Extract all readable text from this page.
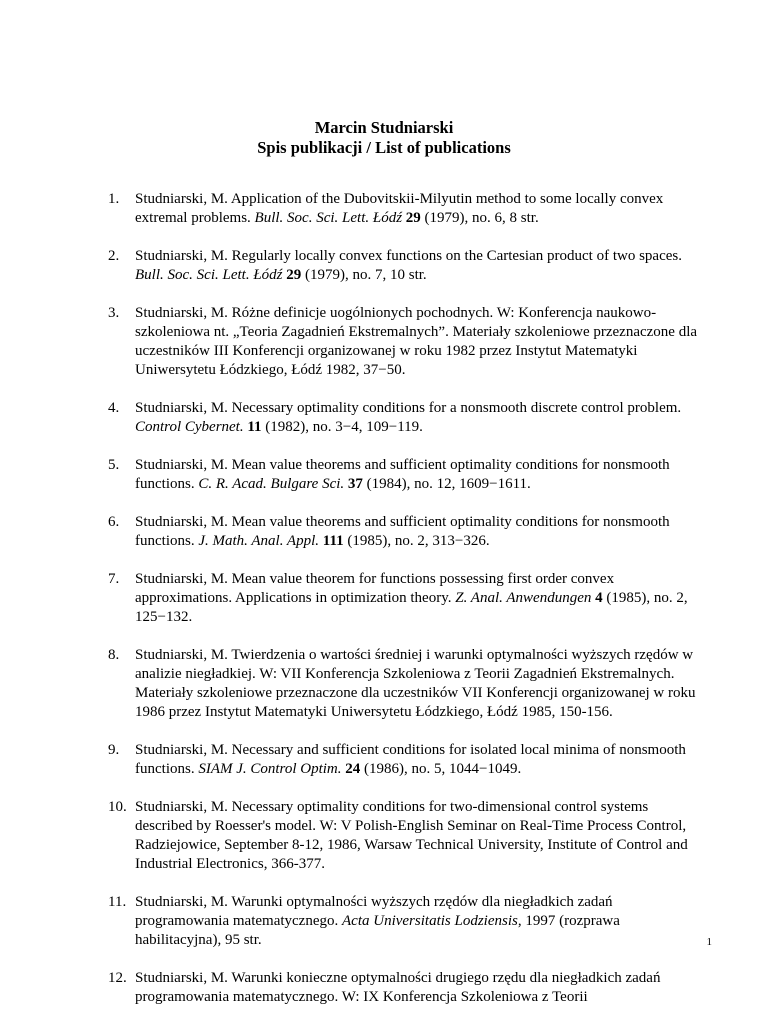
Marcin Studniarski
Spis publikacji / List of publications
1. Studniarski, M. Application of the Dubovitskii-Milyutin method to some locally convex extremal problems. Bull. Soc. Sci. Lett. Łódź 29 (1979), no. 6, 8 str.
2. Studniarski, M. Regularly locally convex functions on the Cartesian product of two spaces. Bull. Soc. Sci. Lett. Łódź 29 (1979), no. 7, 10 str.
3. Studniarski, M. Różne definicje uogólnionych pochodnych. W: Konferencja naukowo-szkoleniowa nt. „Teoria Zagadnień Ekstremalnych”. Materiały szkoleniowe przeznaczone dla uczestników III Konferencji organizowanej w roku 1982 przez Instytut Matematyki Uniwersytetu Łódzkiego, Łódź 1982, 37−50.
4. Studniarski, M. Necessary optimality conditions for a nonsmooth discrete control problem. Control Cybernet. 11 (1982), no. 3−4, 109−119.
5. Studniarski, M. Mean value theorems and sufficient optimality conditions for nonsmooth functions. C. R. Acad. Bulgare Sci. 37 (1984), no. 12, 1609−1611.
6. Studniarski, M. Mean value theorems and sufficient optimality conditions for nonsmooth functions. J. Math. Anal. Appl. 111 (1985), no. 2, 313−326.
7. Studniarski, M. Mean value theorem for functions possessing first order convex approximations. Applications in optimization theory. Z. Anal. Anwendungen 4 (1985), no. 2, 125−132.
8. Studniarski, M. Twierdzenia o wartości średniej i warunki optymalności wyższych rzędów w analizie niegładkiej. W: VII Konferencja Szkoleniowa z Teorii Zagadnień Ekstremalnych. Materiały szkoleniowe przeznaczone dla uczestników VII Konferencji organizowanej w roku 1986 przez Instytut Matematyki Uniwersytetu Łódzkiego, Łódź 1985, 150-156.
9. Studniarski, M. Necessary and sufficient conditions for isolated local minima of nonsmooth functions. SIAM J. Control Optim. 24 (1986), no. 5, 1044−1049.
10. Studniarski, M. Necessary optimality conditions for two-dimensional control systems described by Roesser's model. W: V Polish-English Seminar on Real-Time Process Control, Radziejowice, September 8-12, 1986, Warsaw Technical University, Institute of Control and Industrial Electronics, 366-377.
11. Studniarski, M. Warunki optymalności wyższych rzędów dla niegładkich zadań programowania matematycznego. Acta Universitatis Lodziensis, 1997 (rozprawa habilitacyjna), 95 str.
12. Studniarski, M. Warunki konieczne optymalności drugiego rzędu dla niegładkich zadań programowania matematycznego. W: IX Konferencja Szkoleniowa z Teorii
1
